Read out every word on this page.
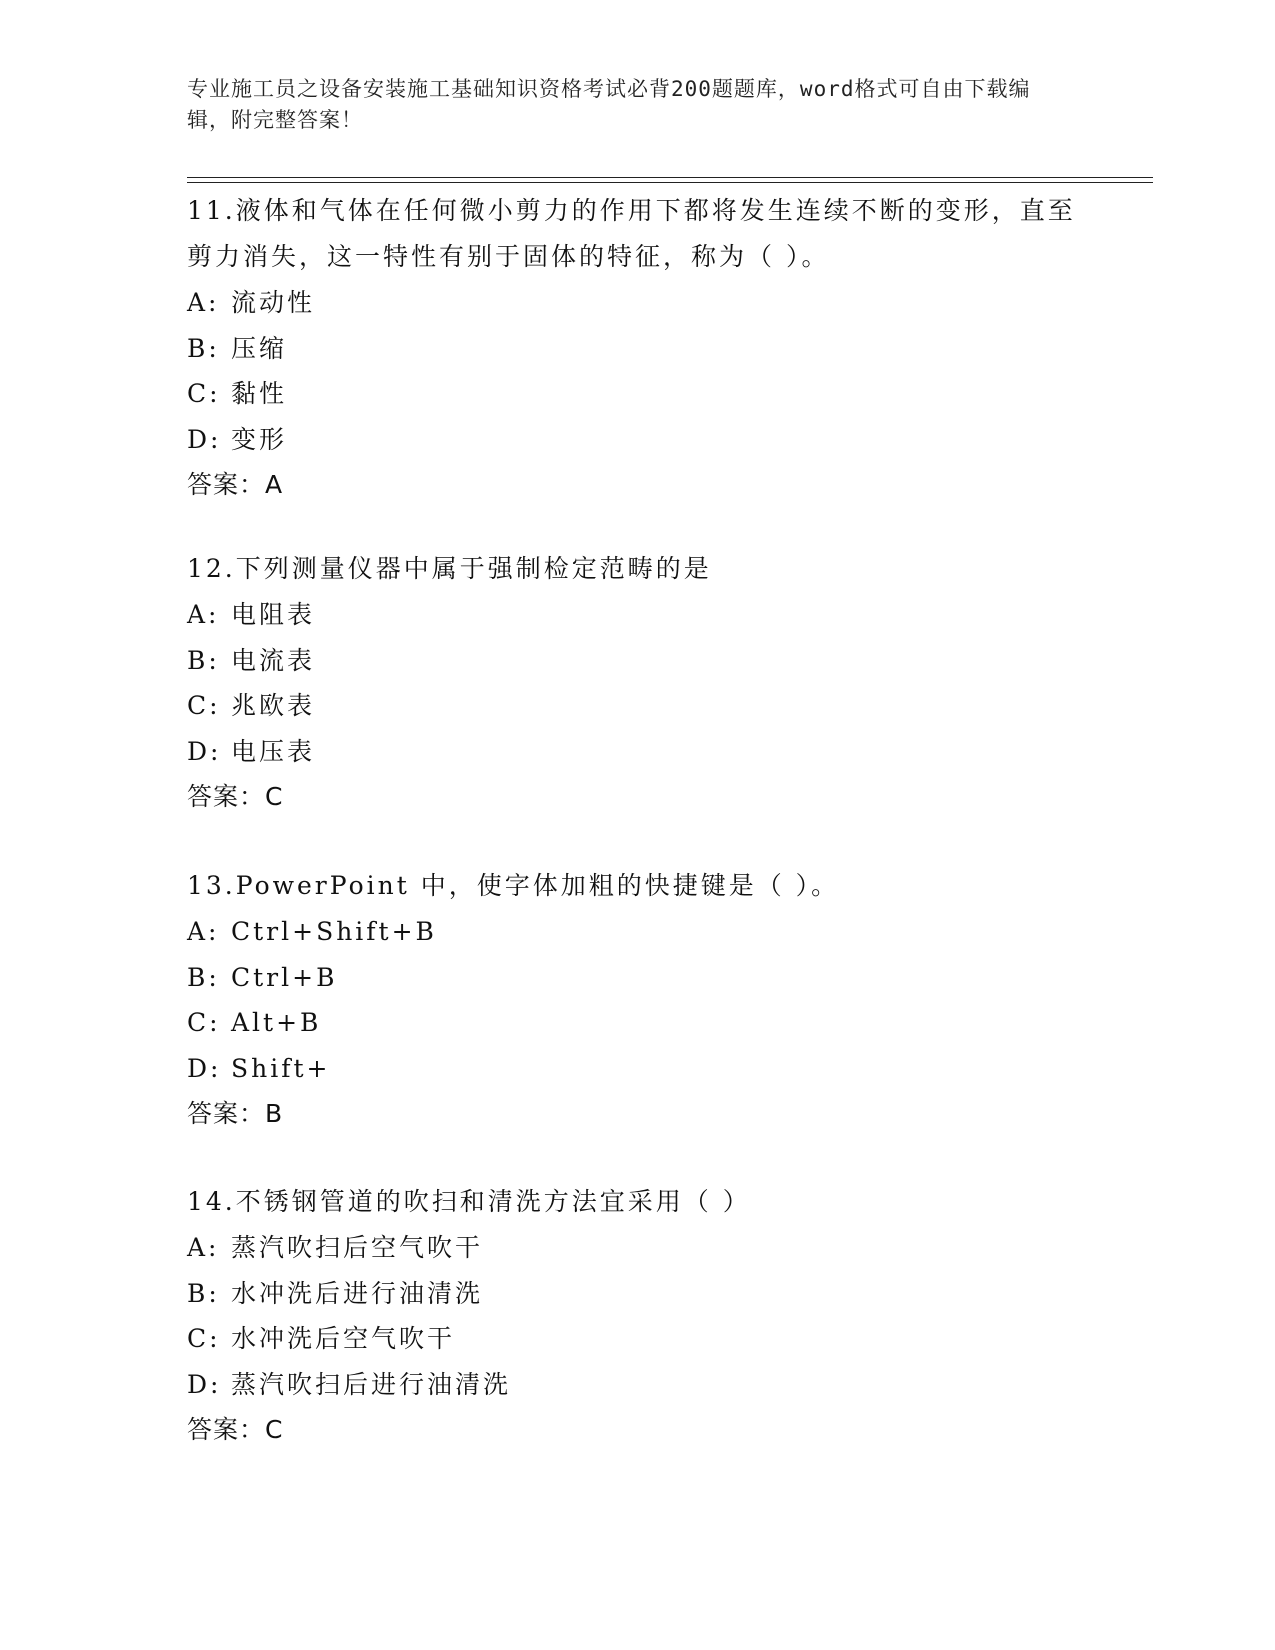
专业施工员之设备安装施工基础知识资格考试必背200题题库，word格式可自由下载编辑，附完整答案！

11.液体和气体在任何微小剪力的作用下都将发生连续不断的变形，直至剪力消失，这一特性有别于固体的特征，称为（ ）。

A: 流动性

B: 压缩

C: 黏性

D: 变形

答案：A

12.下列测量仪器中属于强制检定范畴的是

A: 电阻表

B: 电流表

C: 兆欧表

D: 电压表

答案：C

13.PowerPoint 中，使字体加粗的快捷键是（ ）。

A: Ctrl+Shift+B

B: Ctrl+B

C: Alt+B

D: Shift+

答案：B

14.不锈钢管道的吹扫和清洗方法宜采用（ ）

A: 蒸汽吹扫后空气吹干

B: 水冲洗后进行油清洗

C: 水冲洗后空气吹干

D: 蒸汽吹扫后进行油清洗

答案：C
